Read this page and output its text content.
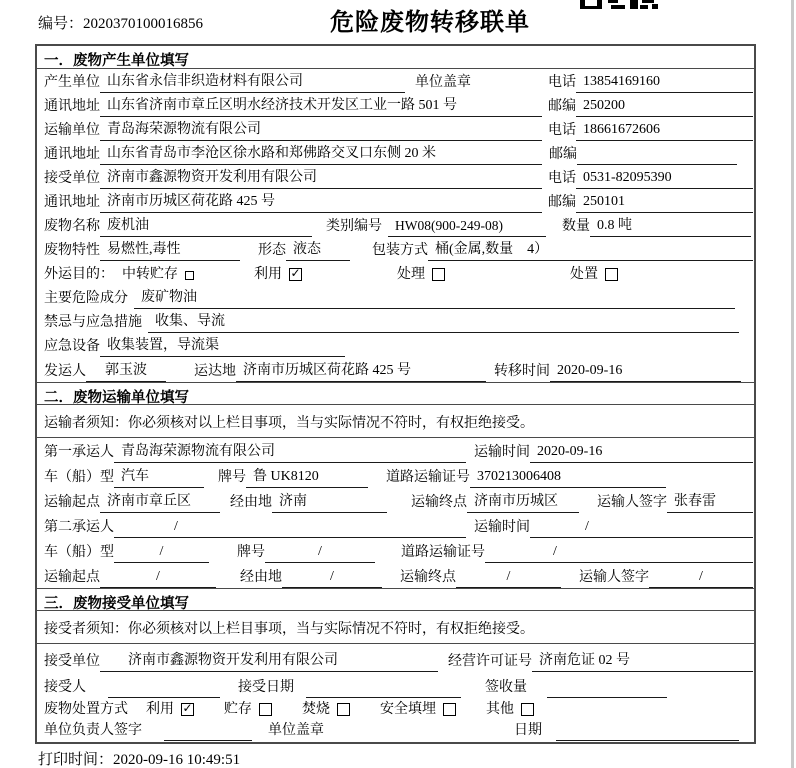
编号：2020370100016856	危险废物转移联单
一．废物产生单位填写
产生单位 山东省永信非织造材料有限公司	单位盖章	电话 13854169160
通讯地址 山东省济南市章丘区明水经济技术开发区工业一路 501 号	邮编 250200
运输单位 青岛海荣源物流有限公司	电话 18661672606
通讯地址 山东省青岛市李沧区徐水路和郑佛路交叉口东侧 20 米	邮编
接受单位 济南市鑫源物资开发利用有限公司	电话 0531-82095390
通讯地址 济南市历城区荷花路 425 号	邮编 250101
废物名称 废机油	类别编号 HW08(900-249-08)	数量 0.8 吨
废物特性 易燃性,毒性	形态 液态	包装方式 桶(金属,数量　4）
外运目的： 中转贮存	利用 ✓	处理	处置
主要危险成分 废矿物油
禁忌与应急措施 收集、导流
应急设备 收集装置，导流渠
发运人	郭玉波	运达地 济南市历城区荷花路 425 号	转移时间 2020-09-16
二．废物运输单位填写
运输者须知：你必须核对以上栏目事项，当与实际情况不符时，有权拒绝接受。
第一承运人 青岛海荣源物流有限公司	运输时间 2020-09-16
车（船）型 汽车	牌号 鲁 UK8120	道路运输证号 370213006408
运输起点 济南市章丘区	经由地 济南	运输终点 济南市历城区	运输人签字 张春雷
第二承运人	/	运输时间	/
车（船）型	/	牌号	/	道路运输证号	/
运输起点	/	经由地	/	运输终点	/	运输人签字	/
三．废物接受单位填写
接受者须知：你必须核对以上栏目事项，当与实际情况不符时，有权拒绝接受。
接受单位	济南市鑫源物资开发利用有限公司	经营许可证号 济南危证 02 号
接受人	接受日期	签收量
废物处置方式 利用 ✓	贮存	焚烧	安全填埋	其他
单位负责人签字	单位盖章	日期
打印时间：2020-09-16 10:49:51
